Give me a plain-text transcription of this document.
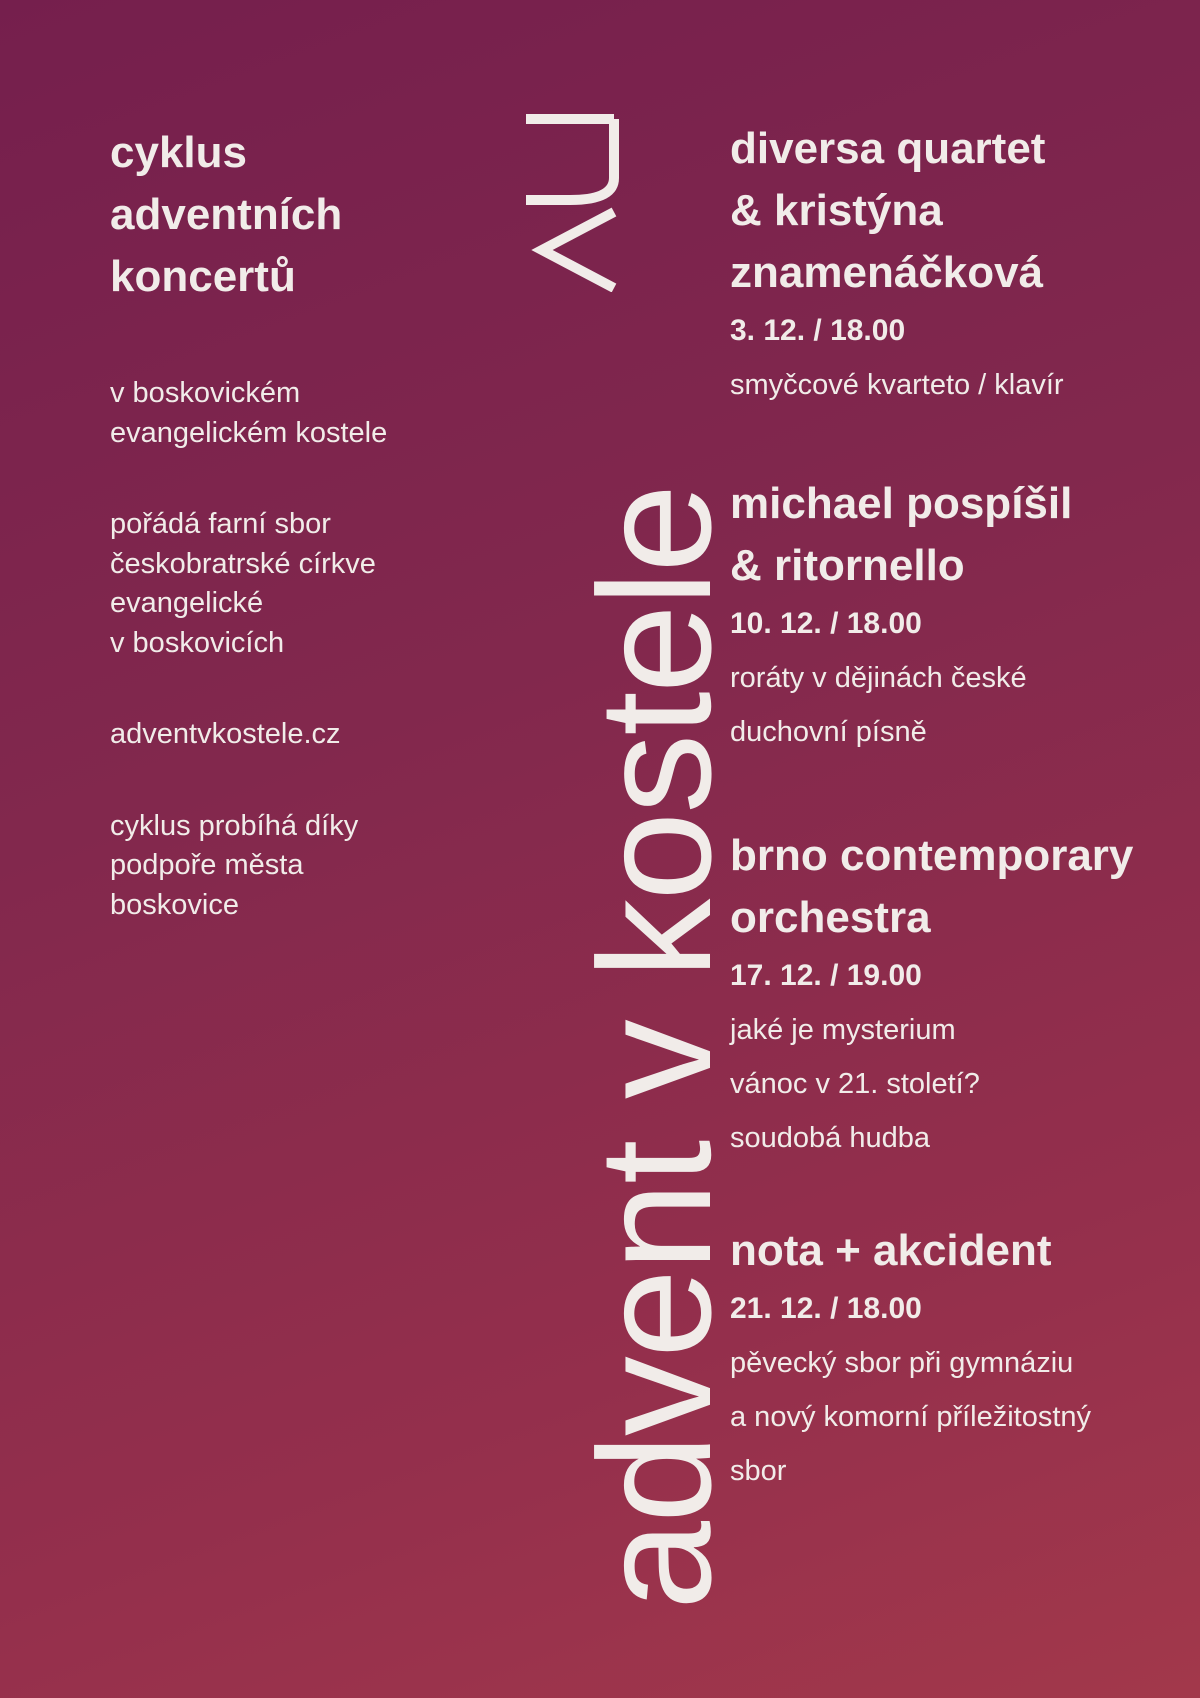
cyklus
adventních
koncertů
v boskovickém
evangelickém kostele
pořádá farní sbor
českobratrské církve
evangelické
v boskovicích
adventvkostele.cz
cyklus probíhá díky
podpoře města
boskovice	advent v kostele
diversa quartet
& kristýna
znamenáčková
3. 12. / 18.00
smyčcové kvarteto / klavír
michael pospíšil
& ritornello
10. 12. / 18.00
roráty v dějinách české
duchovní písně
brno contemporary
orchestra
17. 12. / 19.00
jaké je mysterium
vánoc v 21. století?
soudobá hudba
nota + akcident
21. 12. / 18.00
pěvecký sbor při gymnáziu
a nový komorní příležitostný
sbor
